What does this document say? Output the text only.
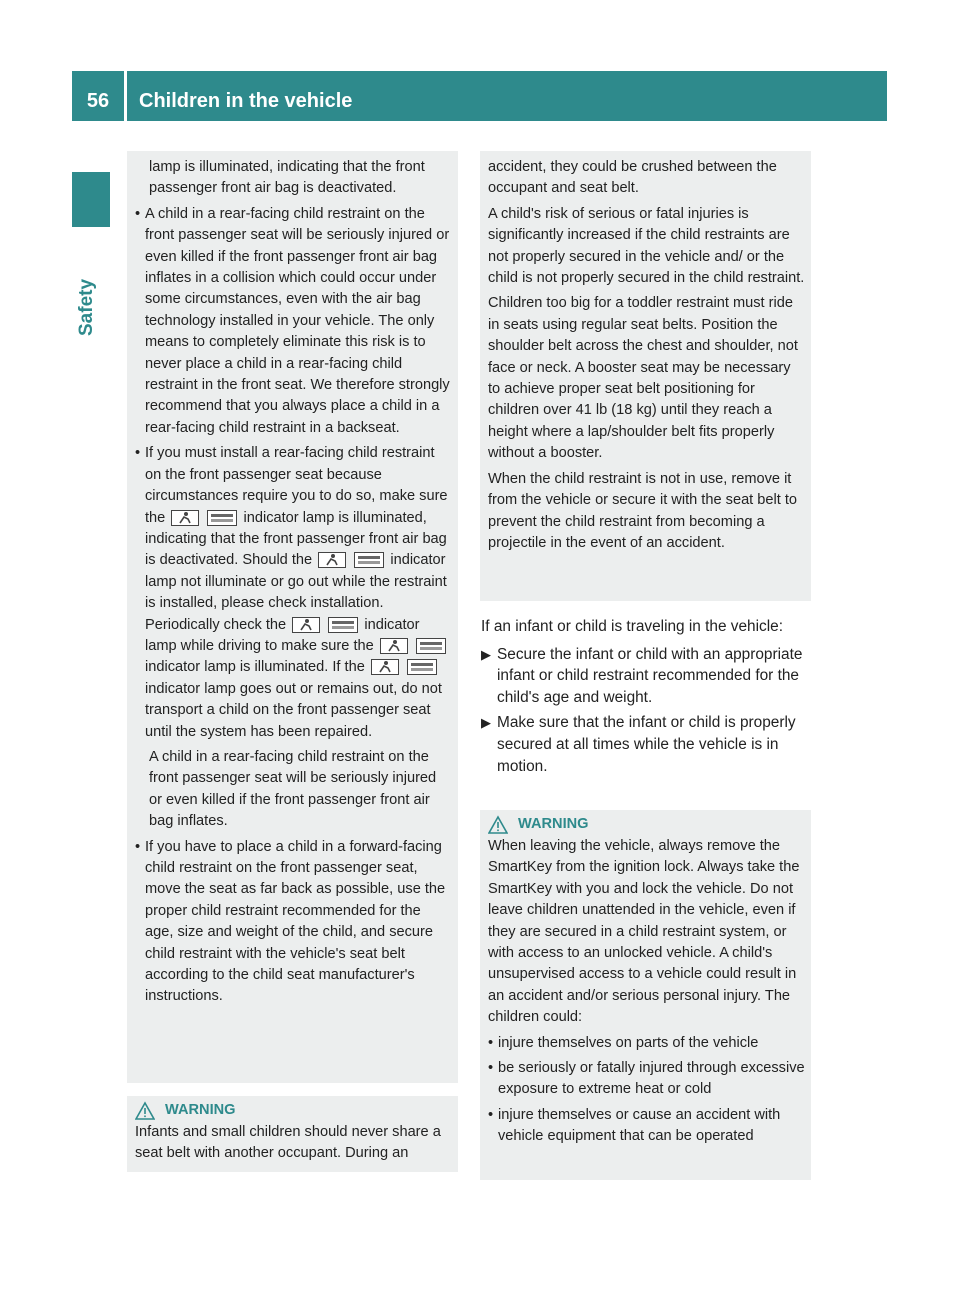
56	Children in the vehicle
Safety

lamp is illuminated, indicating that the front passenger front air bag is deactivated.

• A child in a rear-facing child restraint on the front passenger seat will be seriously injured or even killed if the front passenger front air bag inflates in a collision which could occur under some circumstances, even with the air bag technology installed in your vehicle. The only means to completely eliminate this risk is to never place a child in a rear-facing child restraint in the front seat. We therefore strongly recommend that you always place a child in a rear-facing child restraint in a backseat.
• If you must install a rear-facing child restraint on the front passenger seat because circumstances require you to do so, make sure the	indicator lamp is illuminated, indicating that the front passenger front air bag is deactivated. Should the	indicator lamp not illuminate or go out while the restraint is installed, please check installation. Periodically check the	indicator lamp while driving to make sure the   indicator lamp is illuminated. If the   indicator lamp goes out or remains out, do not transport a child on the front passenger seat until the system has been repaired.

A child in a rear-facing child restraint on the front passenger seat will be seriously injured or even killed if the front passenger front air bag inflates.

• If you have to place a child in a forward-facing child restraint on the front passenger seat, move the seat as far back as possible, use the proper child restraint recommended for the age, size and weight of the child, and secure child restraint with the vehicle's seat belt according to the child seat manufacturer's instructions.
WARNING

Infants and small children should never share a seat belt with another occupant. During an

accident, they could be crushed between the occupant and seat belt.

A child's risk of serious or fatal injuries is significantly increased if the child restraints are not properly secured in the vehicle and/ or the child is not properly secured in the child restraint.

Children too big for a toddler restraint must ride in seats using regular seat belts. Position the shoulder belt across the chest and shoulder, not face or neck. A booster seat may be necessary to achieve proper seat belt positioning for children over 41 lb (18 kg) until they reach a height where a lap/shoulder belt fits properly without a booster.

When the child restraint is not in use, remove it from the vehicle or secure it with the seat belt to prevent the child restraint from becoming a projectile in the event of an accident.

If an infant or child is traveling in the vehicle:

▶ Secure the infant or child with an appropriate infant or child restraint recommended for the child's age and weight.
▶ Make sure that the infant or child is properly secured at all times while the vehicle is in motion.
WARNING

When leaving the vehicle, always remove the SmartKey from the ignition lock. Always take the SmartKey with you and lock the vehicle. Do not leave children unattended in the vehicle, even if they are secured in a child restraint system, or with access to an unlocked vehicle. A child's unsupervised access to a vehicle could result in an accident and/or serious personal injury. The children could:

• injure themselves on parts of the vehicle
• be seriously or fatally injured through excessive exposure to extreme heat or cold
• injure themselves or cause an accident with vehicle equipment that can be operated
